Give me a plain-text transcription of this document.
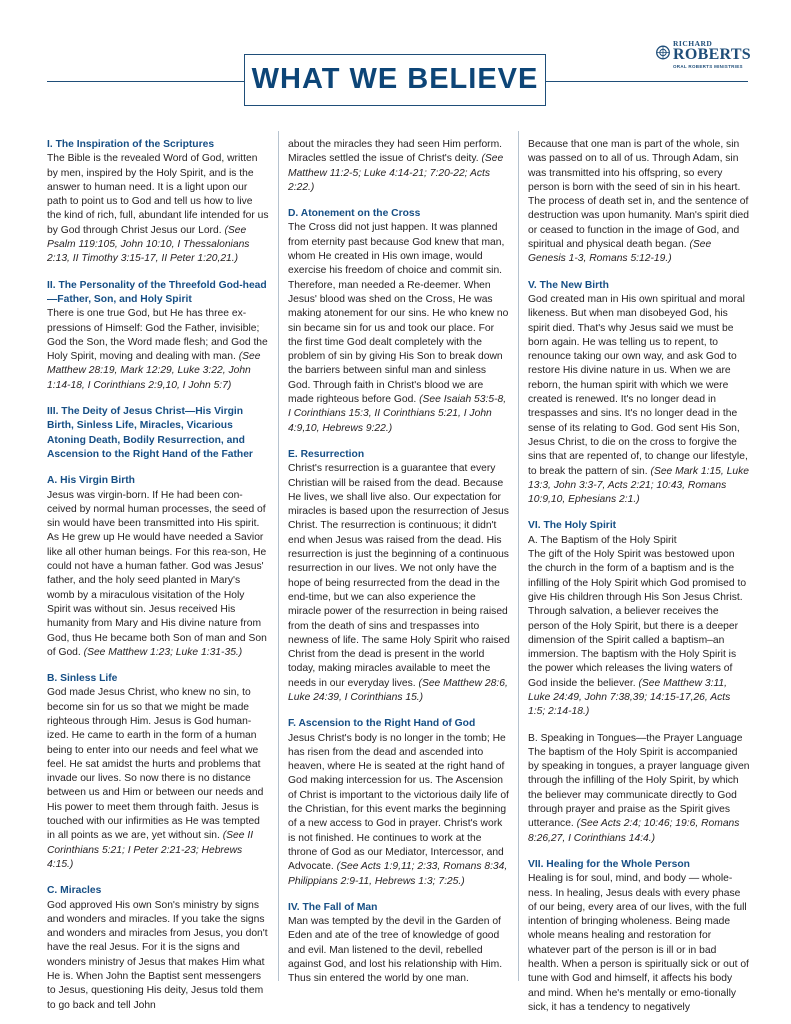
WHAT WE BELIEVE
RICHARD
ROBERTS
ORAL ROBERTS MINISTRIES

I. The Inspiration of the Scriptures

The Bible is the revealed Word of God, written by men, inspired by the Holy Spirit, and is the answer to human need. It is a light upon our path to point us to God and tell us how to live the kind of rich, full, abundant life intended for us by God through Christ Jesus our Lord. (See Psalm 119:105, John 10:10, I Thessalonians 2:13, II Timothy 3:15-17, II Peter 1:20,21.)

II. The Personality of the Threefold God-head—Father, Son, and Holy Spirit

There is one true God, but He has three ex-pressions of Himself: God the Father, invisible; God the Son, the Word made flesh; and God the Holy Spirit, moving and dealing with man. (See Matthew 28:19, Mark 12:29, Luke 3:22, John 1:14-18, I Corinthians 2:9,10, I John 5:7)

III. The Deity of Jesus Christ—His Virgin Birth, Sinless Life, Miracles, Vicarious Atoning Death, Bodily Resurrection, and Ascension to the Right Hand of the Father

A. His Virgin Birth

Jesus was virgin-born. If He had been con-ceived by normal human processes, the seed of sin would have been transmitted into His spirit. As He grew up He would have needed a Savior like all other human beings. For this rea-son, He could not have a human father. God was Jesus' father, and the holy seed planted in Mary's womb by a miraculous visitation of the Holy Spirit was without sin. Jesus received His humanity from Mary and His divine nature from God, thus He became both Son of man and Son of God. (See Matthew 1:23; Luke 1:31-35.)

B. Sinless Life

God made Jesus Christ, who knew no sin, to become sin for us so that we might be made righteous through Him. Jesus is God human-ized. He came to earth in the form of a human being to enter into our needs and feel what we feel. He sat amidst the hurts and problems that invade our lives. So now there is no distance between us and Him or between our needs and His power to meet them through faith. Jesus is touched with our infirmities as He was tempted in all points as we are, yet without sin. (See II Corinthians 5:21; I Peter 2:21-23; Hebrews 4:15.)

C. Miracles

God approved His own Son's ministry by signs and wonders and miracles. If you take the signs and wonders and miracles from Jesus, you don't have the real Jesus. For it is the signs and wonders ministry of Jesus that makes Him what He is. When John the Baptist sent messengers to Jesus, questioning His deity, Jesus told them to go back and tell John

about the miracles they had seen Him perform. Miracles settled the issue of Christ's deity. (See Matthew 11:2-5; Luke 4:14-21; 7:20-22; Acts 2:22.)

D. Atonement on the Cross

The Cross did not just happen. It was planned from eternity past because God knew that man, whom He created in His own image, would exercise his freedom of choice and commit sin. Therefore, man needed a Re-deemer. When Jesus' blood was shed on the Cross, He was making atonement for our sins. He who knew no sin became sin for us and took our place. For the first time God dealt completely with the problem of sin by giving His Son to break down the barriers between sinful man and sinless God. Through faith in Christ's blood we are made righteous before God. (See Isaiah 53:5-8, I Corinthians 15:3, II Corinthians 5:21, I John 4:9,10, Hebrews 9:22.)

E. Resurrection

Christ's resurrection is a guarantee that every Christian will be raised from the dead. Because He lives, we shall live also. Our expectation for miracles is based upon the resurrection of Jesus Christ. The resurrection is continuous; it didn't end when Jesus was raised from the dead. His resurrection is just the beginning of a continuous resurrection in our lives. We not only have the hope of being resurrected from the dead in the end-time, but we can also experience the miracle power of the resurrection in being raised from the death of sins and trespasses into newness of life. The same Holy Spirit who raised Christ from the dead is present in the world today, making miracles available to meet the needs in our everyday lives. (See Matthew 28:6, Luke 24:39, I Corinthians 15.)

F. Ascension to the Right Hand of God

Jesus Christ's body is no longer in the tomb; He has risen from the dead and ascended into heaven, where He is seated at the right hand of God making intercession for us. The Ascension of Christ is important to the victorious daily life of the Christian, for this event marks the beginning of a new access to God in prayer. Christ's work is not finished. He continues to work at the throne of God as our Mediator, Intercessor, and Advocate. (See Acts 1:9,11; 2:33, Romans 8:34, Philippians 2:9-11, Hebrews 1:3; 7:25.)

IV. The Fall of Man

Man was tempted by the devil in the Garden of Eden and ate of the tree of knowledge of good and evil. Man listened to the devil, rebelled against God, and lost his relationship with Him. Thus sin entered the world by one man.

Because that one man is part of the whole, sin was passed on to all of us. Through Adam, sin was transmitted into his offspring, so every person is born with the seed of sin in his heart. The process of death set in, and the sentence of destruction was upon humanity. Man's spirit died or ceased to function in the image of God, and spiritual and physical death began. (See Genesis 1-3, Romans 5:12-19.)

V. The New Birth

God created man in His own spiritual and moral likeness. But when man disobeyed God, his spirit died. That's why Jesus said we must be born again. He was telling us to repent, to renounce taking our own way, and ask God to restore His divine nature in us. When we are reborn, the human spirit with which we were created is renewed. It's no longer dead in trespasses and sins. It's no longer dead in the sense of its relating to God. God sent His Son, Jesus Christ, to die on the cross to forgive the sins that are repented of, to change our lifestyle, to break the pattern of sin. (See Mark 1:15, Luke 13:3, John 3:3-7, Acts 2:21; 10:43, Romans 10:9,10, Ephesians 2:1.)

VI. The Holy Spirit

A. The Baptism of the Holy Spirit

The gift of the Holy Spirit was bestowed upon the church in the form of a baptism and is the infilling of the Holy Spirit which God promised to give His children through His Son Jesus Christ. Through salvation, a believer receives the person of the Holy Spirit, but there is a deeper dimension of the Spirit called a baptism–an immersion. The baptism with the Holy Spirit is the power which releases the living waters of God inside the believer. (See Matthew 3:11, Luke 24:49, John 7:38,39; 14:15-17,26, Acts 1:5; 2:14-18.)

B. Speaking in Tongues—the Prayer Language

The baptism of the Holy Spirit is accompanied by speaking in tongues, a prayer language given through the infilling of the Holy Spirit, by which the believer may communicate directly to God through prayer and praise as the Spirit gives utterance. (See Acts 2:4; 10:46; 19:6, Romans 8:26,27, I Corinthians 14:4.)

VII. Healing for the Whole Person

Healing is for soul, mind, and body — whole-ness. In healing, Jesus deals with every phase of our being, every area of our lives, with the full intention of bringing wholeness. Being made whole means healing and restoration for whatever part of the person is ill or in bad health. When a person is spiritually sick or out of tune with God and himself, it affects his body and mind. When he's mentally or emo-tionally sick, it has a tendency to negatively
